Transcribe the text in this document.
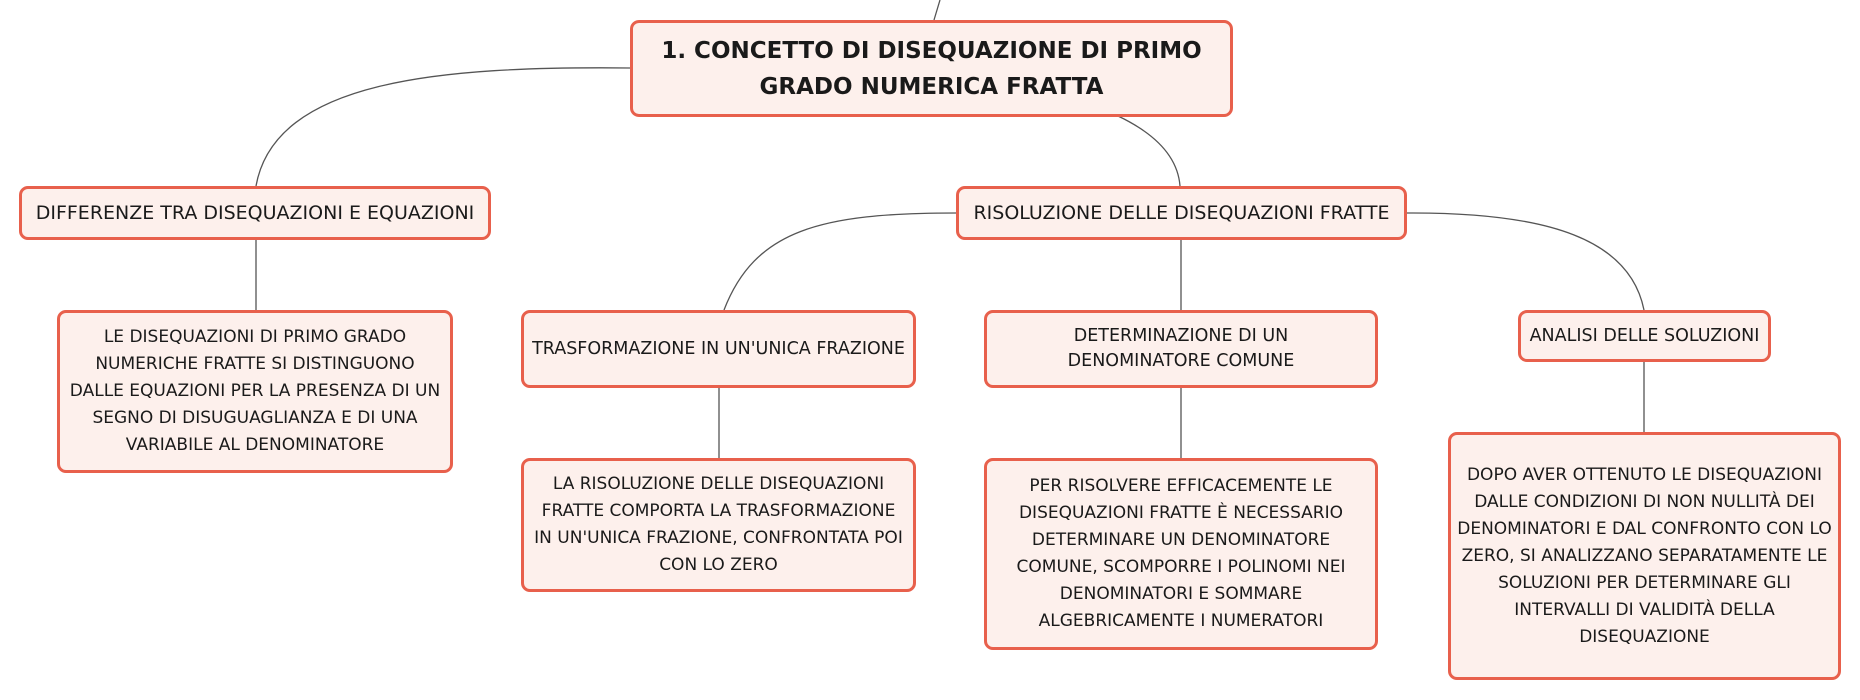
1. CONCETTO DI DISEQUAZIONE DI PRIMO GRADO NUMERICA FRATTA
DIFFERENZE TRA DISEQUAZIONI E EQUAZIONI
LE DISEQUAZIONI DI PRIMO GRADO NUMERICHE FRATTE SI DISTINGUONO DALLE EQUAZIONI PER LA PRESENZA DI UN SEGNO DI DISUGUAGLIANZA E DI UNA VARIABILE AL DENOMINATORE
RISOLUZIONE DELLE DISEQUAZIONI FRATTE
TRASFORMAZIONE IN UN'UNICA FRAZIONE
LA RISOLUZIONE DELLE DISEQUAZIONI FRATTE COMPORTA LA TRASFORMAZIONE IN UN'UNICA FRAZIONE, CONFRONTATA POI CON LO ZERO
DETERMINAZIONE DI UN DENOMINATORE COMUNE
PER RISOLVERE EFFICACEMENTE LE DISEQUAZIONI FRATTE È NECESSARIO DETERMINARE UN DENOMINATORE COMUNE, SCOMPORRE I POLINOMI NEI DENOMINATORI E SOMMARE ALGEBRICAMENTE I NUMERATORI
ANALISI DELLE SOLUZIONI
DOPO AVER OTTENUTO LE DISEQUAZIONI DALLE CONDIZIONI DI NON NULLITÀ DEI DENOMINATORI E DAL CONFRONTO CON LO ZERO, SI ANALIZZANO SEPARATAMENTE LE SOLUZIONI PER DETERMINARE GLI INTERVALLI DI VALIDITÀ DELLA DISEQUAZIONE
